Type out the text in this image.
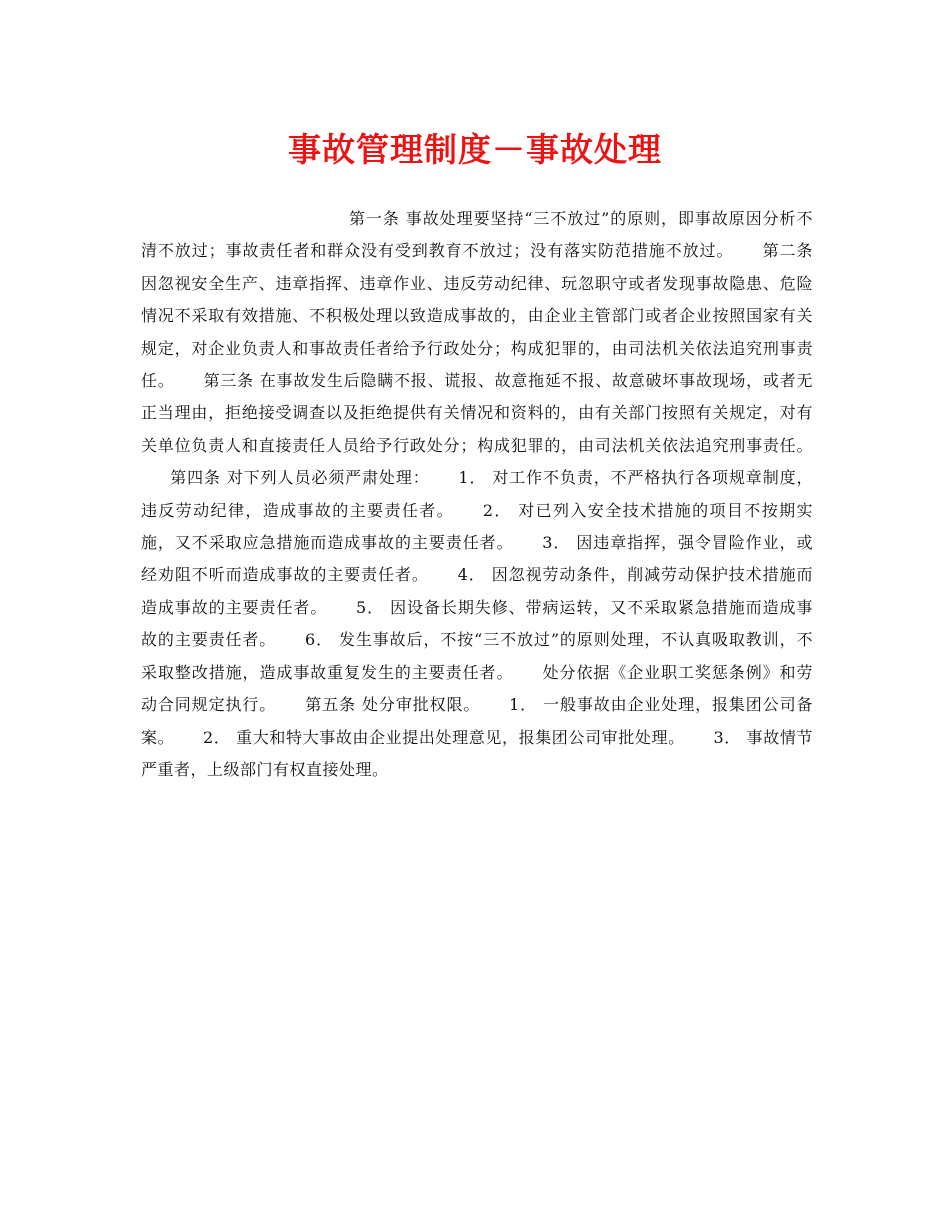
事故管理制度－事故处理

第一条 事故处理要坚持“三不放过”的原则，即事故原因分析不清不放过；事故责任者和群众没有受到教育不放过；没有落实防范措施不放过。 第二条 因忽视安全生产、违章指挥、违章作业、违反劳动纪律、玩忽职守或者发现事故隐患、危险情况不采取有效措施、不积极处理以致造成事故的，由企业主管部门或者企业按照国家有关规定，对企业负责人和事故责任者给予行政处分；构成犯罪的，由司法机关依法追究刑事责任。 第三条 在事故发生后隐瞒不报、谎报、故意拖延不报、故意破坏事故现场，或者无正当理由，拒绝接受调查以及拒绝提供有关情况和资料的，由有关部门按照有关规定，对有关单位负责人和直接责任人员给予行政处分；构成犯罪的，由司法机关依法追究刑事责任。第四条 对下列人员必须严肃处理： 1． 对工作不负责，不严格执行各项规章制度，违反劳动纪律，造成事故的主要责任者。 2． 对已列入安全技术措施的项目不按期实施，又不采取应急措施而造成事故的主要责任者。 3． 因违章指挥，强令冒险作业，或经劝阻不听而造成事故的主要责任者。 4． 因忽视劳动条件，削减劳动保护技术措施而造成事故的主要责任者。 5． 因设备长期失修、带病运转，又不采取紧急措施而造成事故的主要责任者。 6． 发生事故后，不按“三不放过”的原则处理，不认真吸取教训，不采取整改措施，造成事故重复发生的主要责任者。 处分依据《企业职工奖惩条例》和劳动合同规定执行。 第五条 处分审批权限。 1． 一般事故由企业处理，报集团公司备案。 2． 重大和特大事故由企业提出处理意见，报集团公司审批处理。 3． 事故情节严重者，上级部门有权直接处理。
